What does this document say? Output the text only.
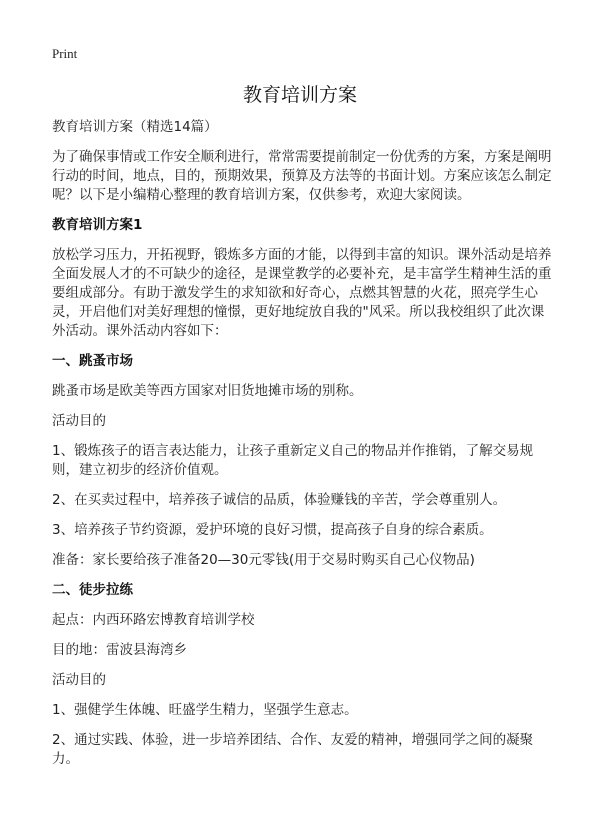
Print
教育培训方案

教育培训方案（精选14篇）

为了确保事情或工作安全顺利进行，常常需要提前制定一份优秀的方案，方案是阐明行动的时间，地点，目的，预期效果，预算及方法等的书面计划。方案应该怎么制定呢？以下是小编精心整理的教育培训方案，仅供参考，欢迎大家阅读。

教育培训方案1

放松学习压力，开拓视野，锻炼多方面的才能，以得到丰富的知识。课外活动是培养全面发展人才的不可缺少的途径，是课堂教学的必要补充，是丰富学生精神生活的重要组成部分。有助于激发学生的求知欲和好奇心，点燃其智慧的火花，照亮学生心灵，开启他们对美好理想的憧憬，更好地绽放自我的"风采。所以我校组织了此次课外活动。课外活动内容如下：

一、跳蚤市场

跳蚤市场是欧美等西方国家对旧货地摊市场的别称。

活动目的

1、锻炼孩子的语言表达能力，让孩子重新定义自己的物品并作推销，了解交易规则，建立初步的经济价值观。

2、在买卖过程中，培养孩子诚信的品质，体验赚钱的辛苦，学会尊重别人。

3、培养孩子节约资源，爱护环境的良好习惯，提高孩子自身的综合素质。

准备：家长要给孩子准备20—30元零钱(用于交易时购买自己心仪物品)

二、徒步拉练

起点：内西环路宏博教育培训学校

目的地：雷波县海湾乡

活动目的

1、强健学生体魄、旺盛学生精力，坚强学生意志。

2、通过实践、体验，进一步培养团结、合作、友爱的精神，增强同学之间的凝聚力。
